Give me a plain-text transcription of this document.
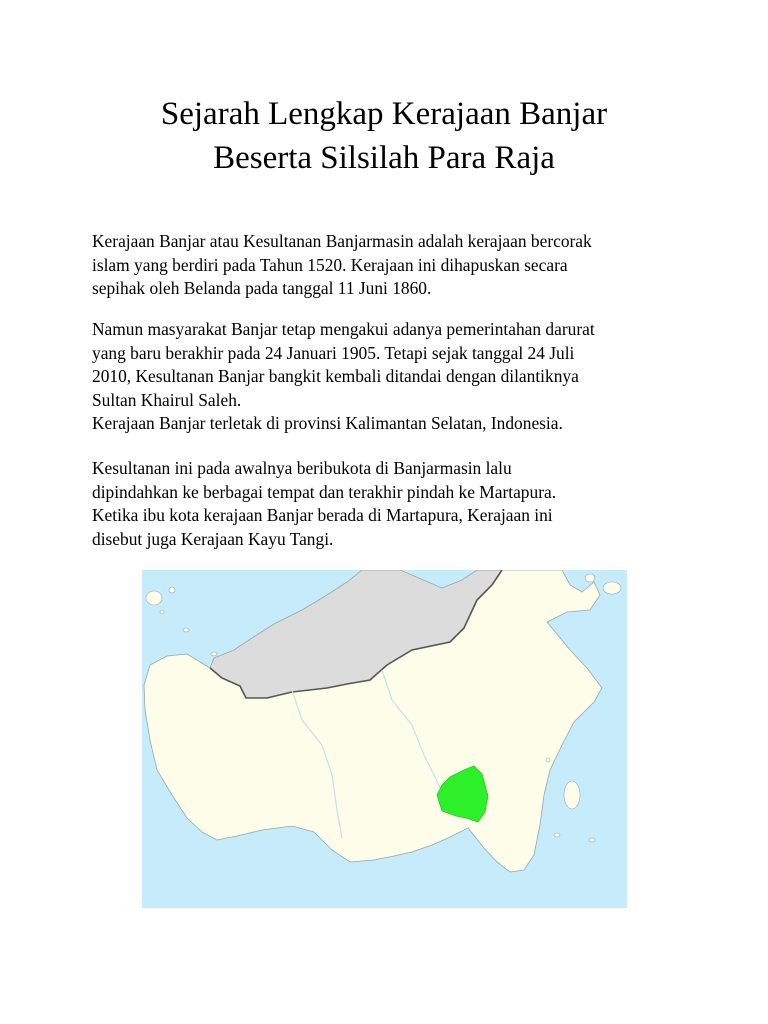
Sejarah Lengkap Kerajaan Banjar
Beserta Silsilah Para Raja

Kerajaan Banjar atau Kesultanan Banjarmasin adalah kerajaan bercorak
islam yang berdiri pada Tahun 1520. Kerajaan ini dihapuskan secara
sepihak oleh Belanda pada tanggal 11 Juni 1860.

Namun masyarakat Banjar tetap mengakui adanya pemerintahan darurat
yang baru berakhir pada 24 Januari 1905. Tetapi sejak tanggal 24 Juli
2010, Kesultanan Banjar bangkit kembali ditandai dengan dilantiknya
Sultan Khairul Saleh.
Kerajaan Banjar terletak di provinsi Kalimantan Selatan, Indonesia.

Kesultanan ini pada awalnya beribukota di Banjarmasin lalu
dipindahkan ke berbagai tempat dan terakhir pindah ke Martapura.
Ketika ibu kota kerajaan Banjar berada di Martapura, Kerajaan ini
disebut juga Kerajaan Kayu Tangi.
